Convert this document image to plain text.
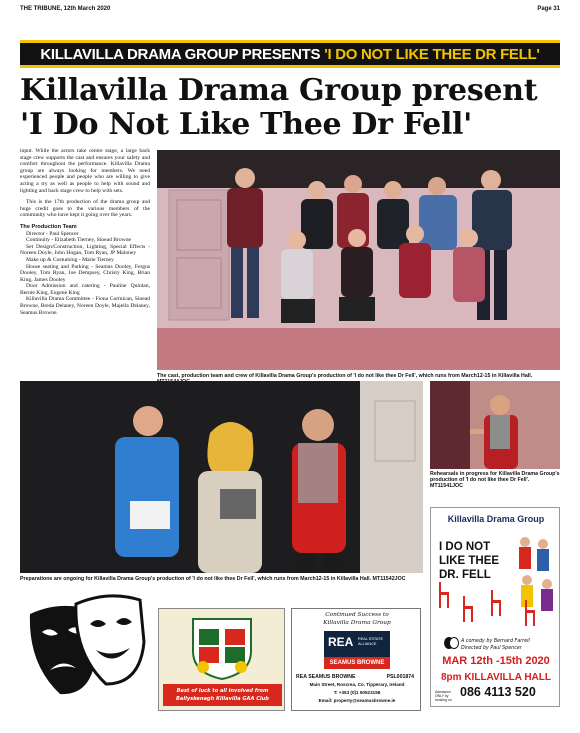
THE TRIBUNE, 12th March 2020	Page 31
KILLAVILLA DRAMA GROUP PRESENTS 'I DO NOT LIKE THEE DR FELL'
Killavilla Drama Group present 'I Do Not Like Thee Dr Fell'

input. While the actors take centre stage, a large back stage crew supports the cast and ensures your safety and comfort throughout the performance. Killavilla Drama group are always looking for members. We need experienced people and people who are willing to give acting a try as well as people to help with sound and lighting and back stage crew to help with sets.

This is the 17th production of the drama group and huge credit goes to the various members of the community who have kept it going over the years.

The Production Team

Director - Paul Spencer

Continuity - Elizabeth Tierney, Sinead Browne

Set Design/Construction, Lighting, Special Effects - Noreen Doyle, John Hogan, Tom Ryan, JP Maloney

Make up & Costuming - Marie Tierney

House seating and Parking - Seamus Dooley, Fergus Dooley, Tom Ryan, Joe Dempsey, Christy King, Brian King, James Dooley

Door Admission and catering - Pauline Quinlan, Bernie King, Eugene King

Killavilla Drama Committee - Fiona Cormican, Sinead Browne, Breda Delaney, Noreen Doyle, Majella Delaney, Seamus Browne.

The cast, production team and crew of Killavilla Drama Group's production of 'I do not like thee Dr Fell', which runs from March12-15 in Killavilla Hall.
Preparations are ongoing for Killavilla Drama Group's production of 'I do not like thee Dr Fell', which runs from March12-15 in Killavilla Hall. MT11542JOC
Rehearsals in progress for Killavilla Drama Group's production of 'I do not like thee Dr Fell'. MT11541JOC
Killavilla Drama Group
I DO NOT
LIKE THEE
DR. FELL
A comedy by Bernard Farrell
Directed by Paul Spencer
MAR 12th -15th 2020
8pm KILLAVILLA HALL
Admission ONLY by booking on
086 4113 520
Best of luck to all involved from Ballyskenagh Killavilla GAA Club
Continued Success to
Killavilla Drama Group
REA REAL ESTATE
ALLIANCE
SEAMUS BROWNE
REA SEAMUS BROWNE	PSL001874
Main Street, Roscrea, Co. Tipperary, Ireland
T: +353 (0)1 50523158
Email: property@seamusbrowne.ie
